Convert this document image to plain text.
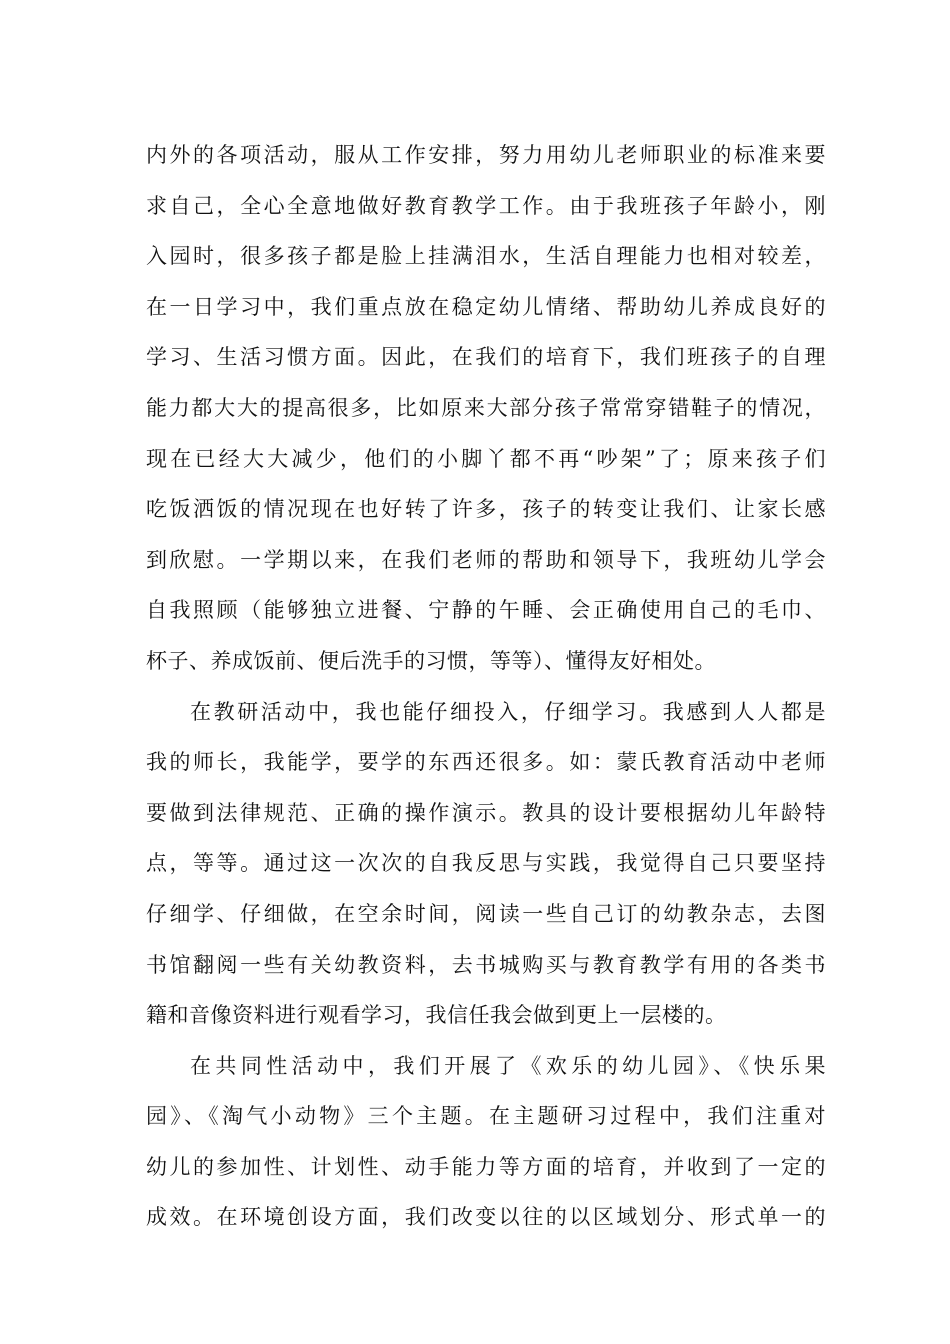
内外的各项活动，服从工作安排，努力用幼儿老师职业的标准来要
求自己，全心全意地做好教育教学工作。由于我班孩子年龄小，刚
入园时，很多孩子都是脸上挂满泪水，生活自理能力也相对较差，
在一日学习中，我们重点放在稳定幼儿情绪、帮助幼儿养成良好的
学习、生活习惯方面。因此，在我们的培育下，我们班孩子的自理
能力都大大的提高很多，比如原来大部分孩子常常穿错鞋子的情况，
现在已经大大减少，他们的小脚丫都不再“吵架”了；原来孩子们
吃饭洒饭的情况现在也好转了许多，孩子的转变让我们、让家长感
到欣慰。一学期以来，在我们老师的帮助和领导下，我班幼儿学会
自我照顾（能够独立进餐、宁静的午睡、会正确使用自己的毛巾、
杯子、养成饭前、便后洗手的习惯，等等）、懂得友好相处。
在教研活动中，我也能仔细投入，仔细学习。我感到人人都是
我的师长，我能学，要学的东西还很多。如：蒙氏教育活动中老师
要做到法律规范、正确的操作演示。教具的设计要根据幼儿年龄特
点，等等。通过这一次次的自我反思与实践，我觉得自己只要坚持
仔细学、仔细做，在空余时间，阅读一些自己订的幼教杂志，去图
书馆翻阅一些有关幼教资料，去书城购买与教育教学有用的各类书
籍和音像资料进行观看学习，我信任我会做到更上一层楼的。
在共同性活动中，我们开展了《欢乐的幼儿园》、《快乐果
园》、《淘气小动物》三个主题。在主题研习过程中，我们注重对
幼儿的参加性、计划性、动手能力等方面的培育，并收到了一定的
成效。在环境创设方面，我们改变以往的以区域划分、形式单一的
